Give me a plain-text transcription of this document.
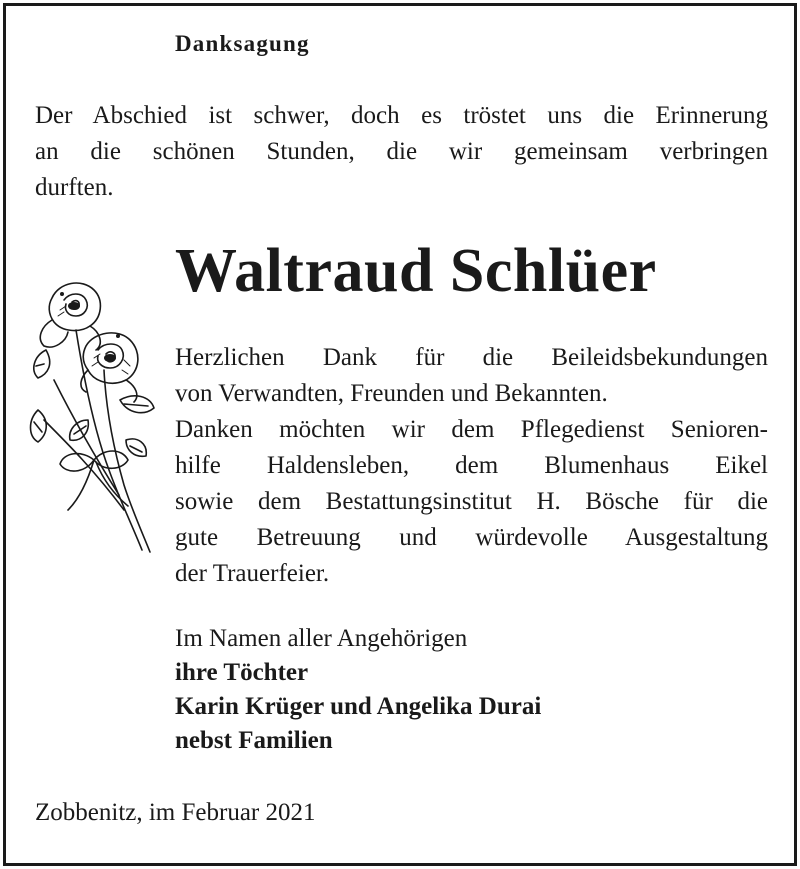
Danksagung

Der Abschied ist schwer, doch es tröstet uns die Erinnerung
an die schönen Stunden, die wir gemeinsam verbringen
durften.

Waltraud Schlüer

Herzlichen Dank für die Beileidsbekundungen
von Verwandten, Freunden und Bekannten.
Danken möchten wir dem Pflegedienst Senioren-
hilfe Haldensleben, dem Blumenhaus Eikel
sowie dem Bestattungsinstitut H. Bösche für die
gute Betreuung und würdevolle Ausgestaltung
der Trauerfeier.

Im Namen aller Angehörigen
ihre Töchter
Karin Krüger und Angelika Durai
nebst Familien

Zobbenitz, im Februar 2021
